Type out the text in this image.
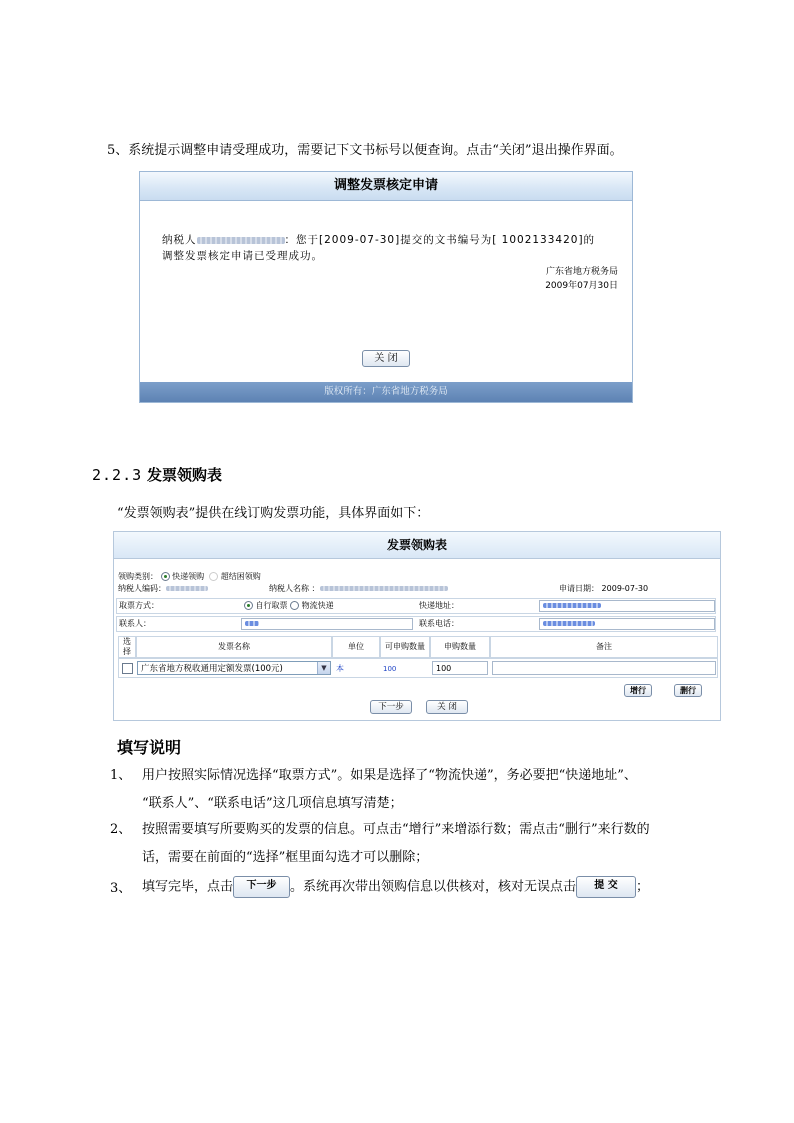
5、系统提示调整申请受理成功，需要记下文书标号以便查询。点击“关闭”退出操作界面。
调整发票核定申请
纳税人	：您于[2009-07-30]提交的文书编号为[ 1002133420]的
调整发票核定申请已受理成功。
广东省地方税务局
2009年07月30日
关 闭
版权所有：广东省地方税务局
2.2.3 发票领购表
“发票领购表”提供在线订购发票功能，具体界面如下：
发票领购表
领购类别： 快递领购 超结困领购
纳税人编码：	纳税人名称 ：	申请日期： 2009-07-30
取票方式：	自行取票 物流快递	快递地址：
联系人：	联系电话：
选择
发票名称	单位	可申购数量	申购数量	备注
广东省地方税收通用定额发票(100元)	▼	本	100	100
增行	删行
下一步	关 闭
填写说明
1、 用户按照实际情况选择“取票方式”。如果是选择了“物流快递”，务必要把“快递地址”、
“联系人”、“联系电话”这几项信息填写清楚；
2、 按照需要填写所要购买的发票的信息。可点击“增行”来增添行数；需点击“删行”来行数的
话，需要在前面的“选择”框里面勾选才可以删除；
3、 填写完毕，点击 下一步 。系统再次带出领购信息以供核对，核对无误点击 提 交 ；
